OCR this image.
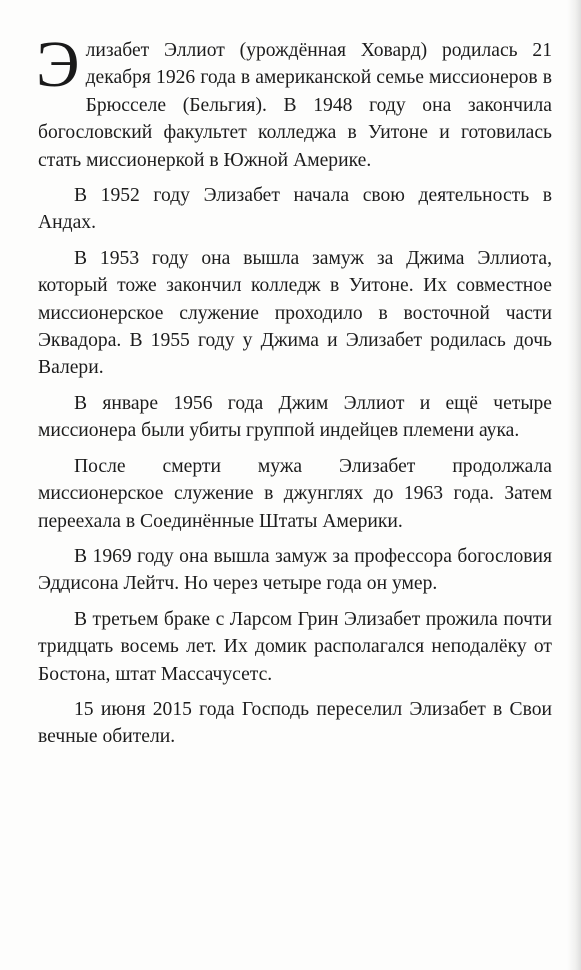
Элизабет Эллиот (урождённая Ховард) родилась 21 декабря 1926 года в американской семье миссионеров в Брюсселе (Бельгия). В 1948 году она закончила богословский факультет колледжа в Уитоне и готовилась стать миссионеркой в Южной Америке.

В 1952 году Элизабет начала свою деятельность в Андах.

В 1953 году она вышла замуж за Джима Эллиота, который тоже закончил колледж в Уитоне. Их совместное миссионерское служение проходило в восточной части Эквадора. В 1955 году у Джима и Элизабет родилась дочь Валери.

В январе 1956 года Джим Эллиот и ещё четыре миссионера были убиты группой индейцев племени аука.

После смерти мужа Элизабет продолжала миссионерское служение в джунглях до 1963 года. Затем переехала в Соединённые Штаты Америки.

В 1969 году она вышла замуж за профессора богословия Эддисона Лейтч. Но через четыре года он умер.

В третьем браке с Ларсом Грин Элизабет прожила почти тридцать восемь лет. Их домик располагался неподалёку от Бостона, штат Массачусетс.

15 июня 2015 года Господь переселил Элизабет в Свои вечные обители.
